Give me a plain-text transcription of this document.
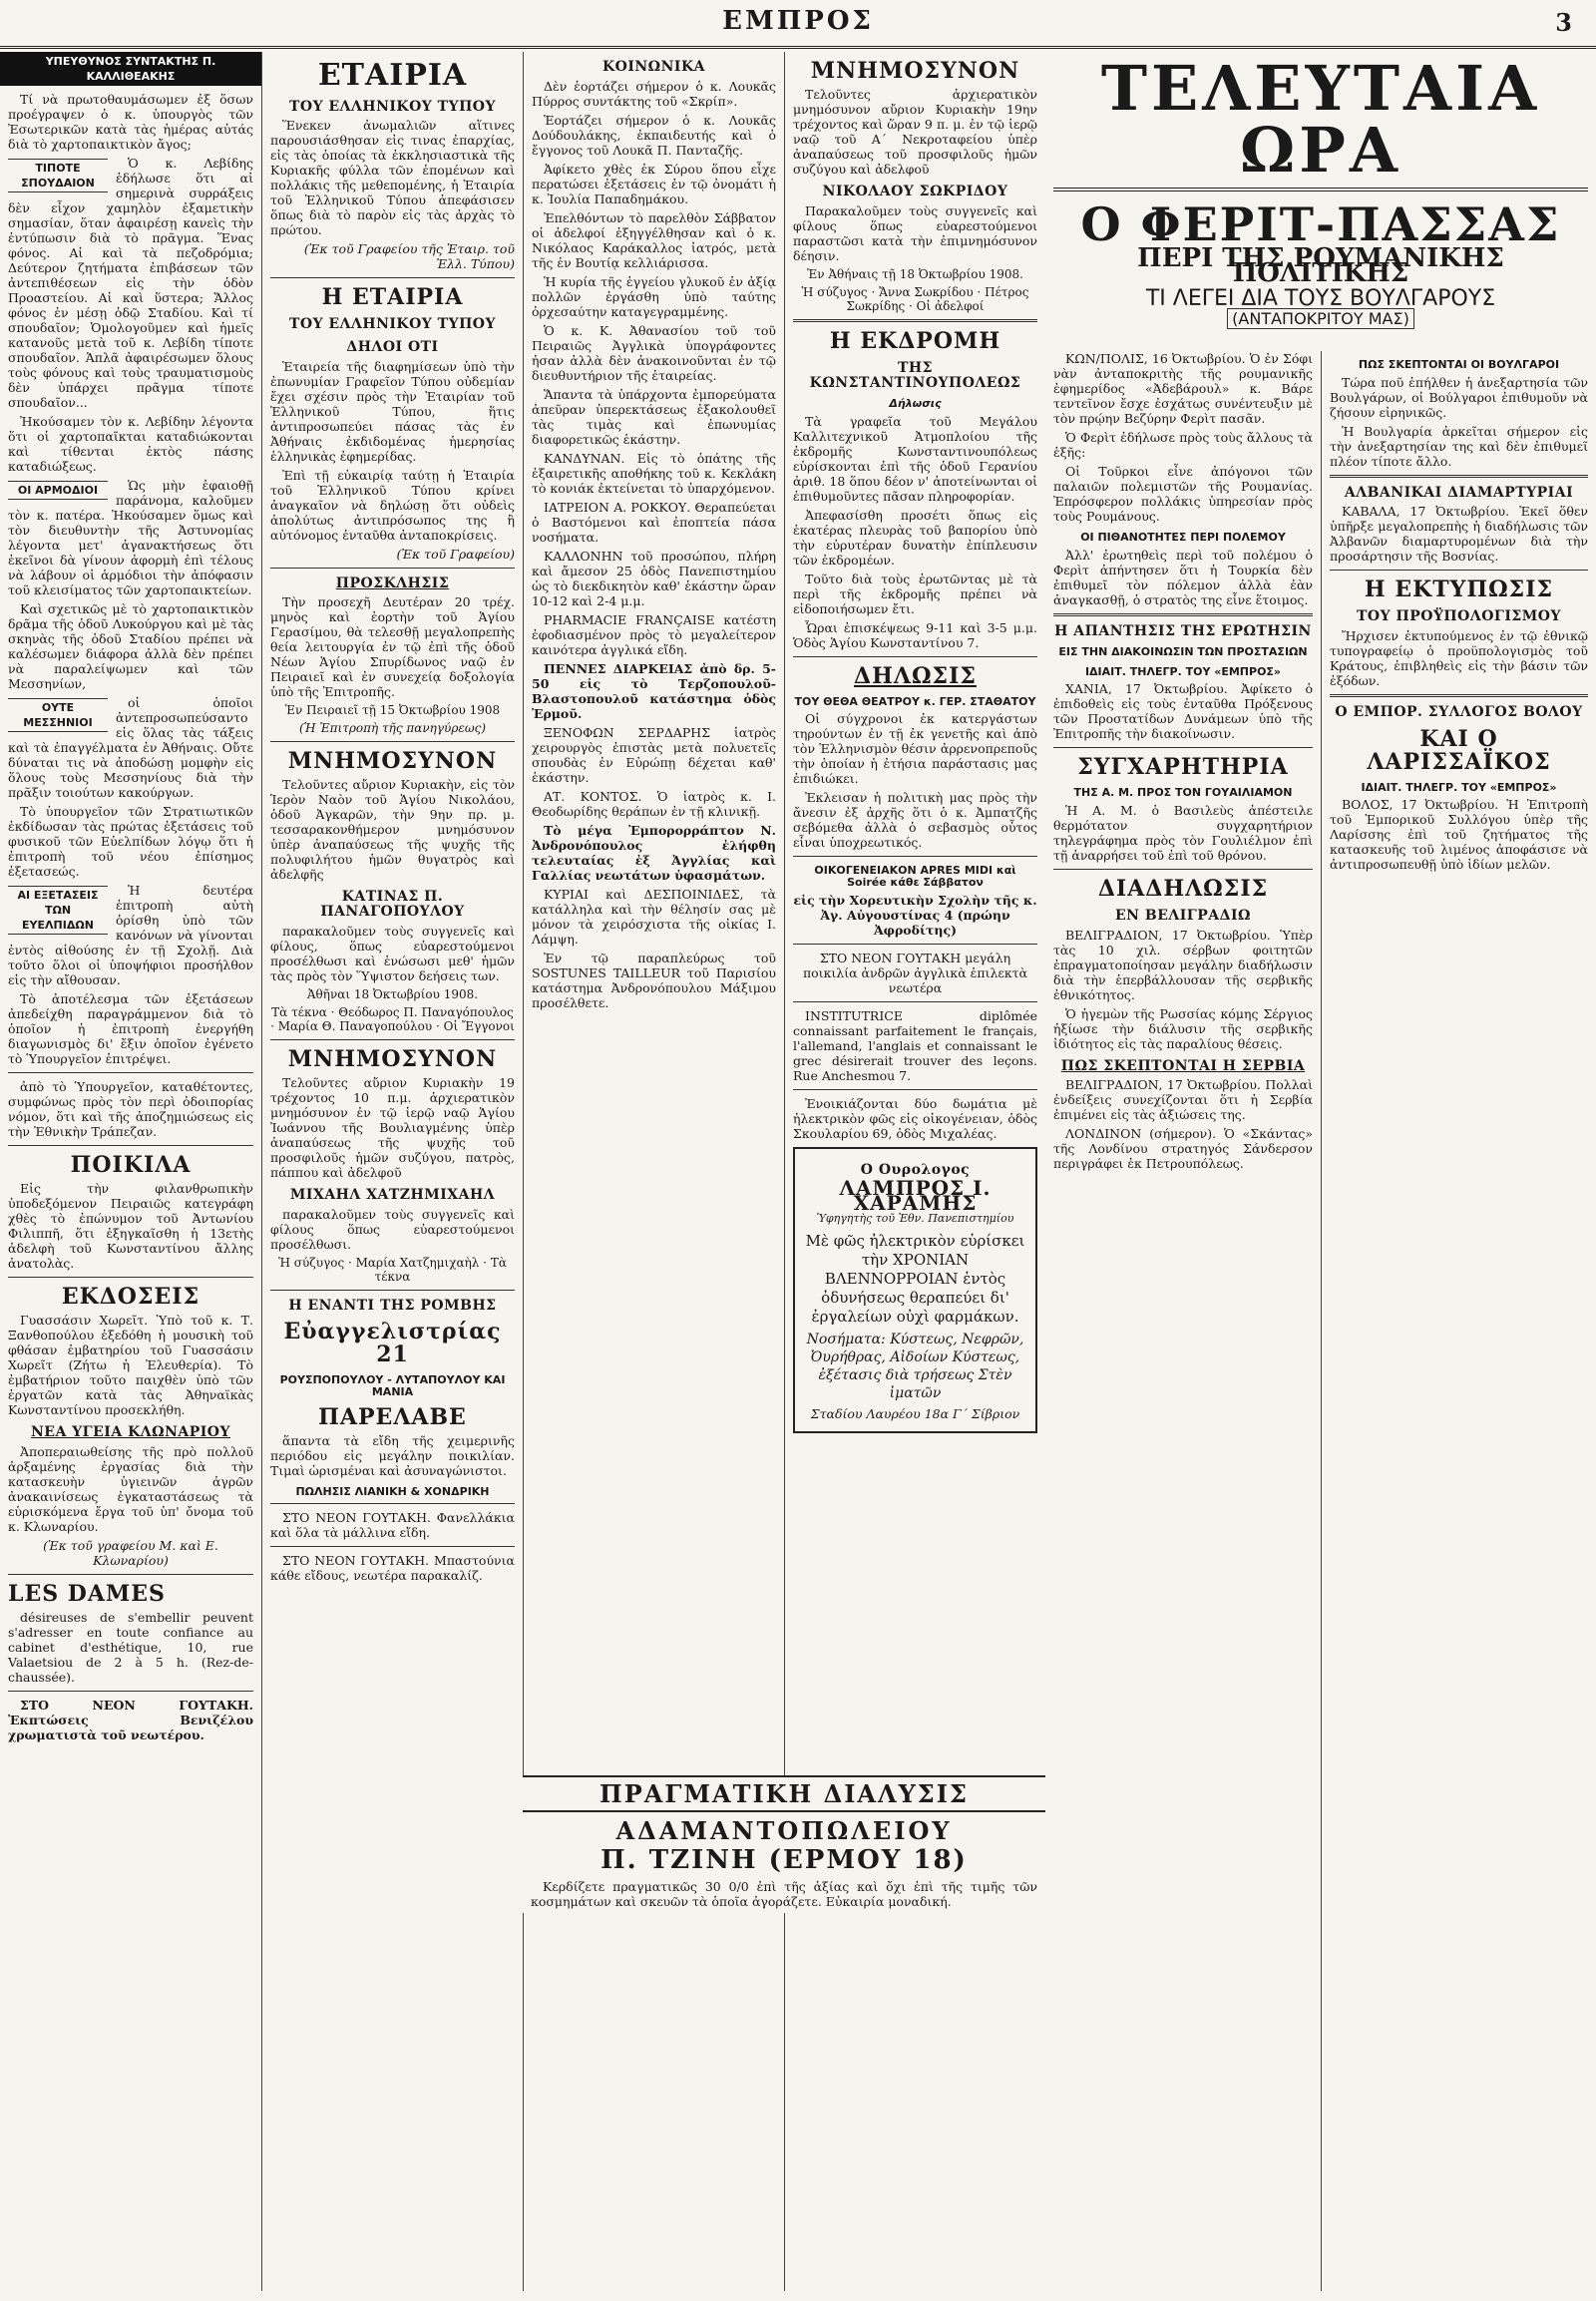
ΕΜΠΡΟΣ	3
ΥΠΕΥΘΥΝΟΣ ΣΥΝΤΑΚΤΗΣ Π. ΚΑΛΛΙΘΕΑΚΗΣ

Τί νὰ πρωτοθαυμάσωμεν ἐξ ὅσων προέγραψεν ὁ κ. ὑπουργὸς τῶν Ἐσωτερικῶν κατὰ τὰς ἡμέρας αὐτάς διὰ τὸ χαρτοπαικτικὸν ἄγος;

ΤΙΠΟΤΕ ΣΠΟΥΔΑΙΟΝ

Ὁ κ. Λεβίδης ἐδήλωσε ὅτι αἱ σημερινὰ συρράξεις δὲν εἶχον χαμηλὸν ἐξαμετικὴν σημασίαν, ὅταν ἀφαιρέσῃ κανεὶς τὴν ἐντύπωσιν διὰ τὸ πρᾶγμα. Ἕνας φόνος. Αἱ καὶ τὰ πεζοδρόμια; Δεύτερον ζητήματα ἐπιβάσεων τῶν ἀντεπιθέσεων εἰς τὴν ὁδὸν Προαστείου. Αἱ καὶ ὕστερα; Ἄλλος φόνος ἐν μέσῃ ὁδῷ Σταδίου. Καὶ τί σπουδαῖον; Ὁμολογοῦμεν καὶ ἡμεῖς κατανοῦς μετὰ τοῦ κ. Λεβίδη τίποτε σπουδαῖον. Ἁπλᾶ ἀφαιρέσωμεν ὅλους τοὺς φόνους καὶ τοὺς τραυματισμοὺς δὲν ὑπάρχει πρᾶγμα τίποτε σπουδαῖον...

Ἠκούσαμεν τὸν κ. Λεβίδην λέγοντα ὅτι οἱ χαρτοπαῖκται καταδιώκονται καὶ τίθενται ἐκτὸς πάσης καταδιώξεως.

ΟΙ ΑΡΜΟΔΙΟΙ	Ὡς μὴν ἐφαιοθῇ παράνομα, καλοῦμεν τὸν κ. πατέρα. Ἠκούσαμεν ὅμως καὶ τὸν διευθυντὴν τῆς Ἀστυνομίας λέγοντα μετ' ἀγανακτήσεως ὅτι ἐκεῖνοι δὰ γίνουν ἀφορμὴ ἐπὶ τέλους νὰ λάβουν οἱ ἁρμόδιοι τὴν ἀπόφασιν τοῦ κλεισίματος τῶν χαρτοπαικτείων.

Καὶ σχετικῶς μὲ τὸ χαρτοπαικτικὸν δρᾶμα τῆς ὁδοῦ Λυκούργου καὶ μὲ τὰς σκηνὰς τῆς ὁδοῦ Σταδίου πρέπει νὰ καλέσωμεν διάφορα ἀλλὰ δὲν πρέπει νὰ παραλείψωμεν καὶ τῶν Μεσσηνίων,

ΟΥΤΕ ΜΕΣΣΗΝΙΟΙ

οἱ ὁποῖοι ἀντεπροσωπεύσαντο εἰς ὅλας τὰς τάξεις καὶ τὰ ἐπαγγέλματα ἐν Ἀθήναις. Οὔτε δύναται τις νὰ ἀποδώσῃ μομφὴν εἰς ὅλους τοὺς Μεσσηνίους διὰ τὴν πρᾶξιν τοιούτων κακούργων.

Τὸ ὑπουργεῖον τῶν Στρατιωτικῶν ἐκδίδωσαν τὰς πρώτας ἐξετάσεις τοῦ φυσικοῦ τῶν Εὐελπίδων λόγῳ ὅτι ἡ ἐπιτροπὴ τοῦ νέου ἐπίσημος ἐξετασεώς.

ΑΙ ΕΞΕΤΑΣΕΙΣ ΤΩΝ ΕΥΕΛΠΙΔΩΝ

Ἡ δευτέρα ἐπιτροπὴ αὐτὴ ὁρίσθη ὑπὸ τῶν κανόνων νὰ γίνονται ἐντὸς αἰθούσης ἐν τῇ Σχολῇ. Διὰ τοῦτο ὅλοι οἱ ὑποψήφιοι προσήλθον εἰς τὴν αἴθουσαν.

Τὸ ἀποτέλεσμα τῶν ἐξετάσεων ἀπεδείχθη παραγράμμενον διὰ τὸ ὁποῖον ἡ ἐπιτροπὴ ἐνεργήθη διαγωνισμὸς δι' ἔξιν ὁποῖον ἐγένετο τὸ Ὑπουργεῖον ἐπιτρέψει.

ἀπὸ τὸ Ὑπουργεῖον, καταθέτοντες, συμφώνως πρὸς τὸν περὶ ὀδοιπορίας νόμον, ὅτι καὶ τῆς ἀποζημιώσεως εἰς τὴν Ἐθνικὴν Τράπεζαν.

ΠΟΙΚΙΛΑ

Εἰς τὴν φιλανθρωπικὴν ὑποδεξόμενον Πειραιῶς κατεγράφη χθὲς τὸ ἐπώνυμον τοῦ Ἀντωνίου Φιλιππῆ, ὅτι ἐξηγκαῖσθη ἡ 13ετὴς ἀδελφὴ τοῦ Κωνσταντίνου ἄλλης ἀνατολὰς.

ΕΚΔΟΣΕΙΣ

Γυασσάσιν Χωρεῖτ. Ὑπὸ τοῦ κ. Τ. Ξανθοπούλου ἐξεδόθη ἡ μουσικὴ τοῦ φθάσαν ἐμβατηρίου τοῦ Γυασσάσιν Χωρεῖτ (Ζήτω ἡ Ἐλευθερία). Τὸ ἐμβατήριον τοῦτο παιχθὲν ὑπὸ τῶν ἐργατῶν κατὰ τὰς Ἀθηναϊκὰς Κωνσταντίνου προσεκλήθη.

ΝΕΑ ΥΓΕΙΑ ΚΛΩΝΑΡΙΟΥ

Ἀποπεραιωθείσης τῆς πρὸ πολλοῦ ἀρξαμένης ἐργασίας διὰ τὴν κατασκευὴν ὑγιεινῶν ἀγρῶν ἀνακαινίσεως ἐγκαταστάσεως τὰ εὑρισκόμενα ἔργα τοῦ ὑπ' ὄνομα τοῦ κ. Κλωναρίου.

(Ἐκ τοῦ γραφείου Μ. καὶ Ε. Κλωναρίου)

LES DAMES

désireuses de s'embellir peuvent s'adresser en toute confiance au cabinet d'esthétique, 10, rue Valaetsiou de 2 à 5 h. (Rez-de-chaussée).

ΣΤΟ ΝΕΟΝ ΓΟΥΤΑΚΗ. Ἐκπτώσεις Βενιζέλου χρωματιστὰ τοῦ νεωτέρου.

ΕΤΑΙΡΙΑ
ΤΟΥ ΕΛΛΗΝΙΚΟΥ ΤΥΠΟΥ

Ἕνεκεν ἀνωμαλιῶν αἵτινες παρουσιάσθησαν εἰς τινας ἐπαρχίας, εἰς τὰς ὁποίας τὰ ἐκκλησιαστικὰ τῆς Κυριακῆς φύλλα τῶν ἐπομένων καὶ πολλάκις τῆς μεθεπομένης, ἡ Ἑταιρία τοῦ Ἑλληνικοῦ Τύπου ἀπεφάσισεν ὅπως διὰ τὸ παρὸν εἰς τὰς ἀρχὰς τὸ πρώτου.

(Ἐκ τοῦ Γραφείου τῆς Ἑταιρ. τοῦ Ἑλλ. Τύπου)

Η ΕΤΑΙΡΙΑ
ΤΟΥ ΕΛΛΗΝΙΚΟΥ ΤΥΠΟΥ
ΔΗΛΟΙ ΟΤΙ

Ἑταιρεία τῆς διαφημίσεων ὑπὸ τὴν ἐπωνυμίαν Γραφεῖον Τύπου οὐδεμίαν ἔχει σχέσιν πρὸς τὴν Ἑταιρίαν τοῦ Ἑλληνικοῦ Τύπου, ἥτις ἀντιπροσωπεύει πάσας τὰς ἐν Ἀθήναις ἐκδιδομένας ἡμερησίας ἑλληνικὰς ἐφημερίδας.

Ἐπὶ τῇ εὐκαιρίᾳ ταύτῃ ἡ Ἑταιρία τοῦ Ἑλληνικοῦ Τύπου κρίνει ἀναγκαῖον νὰ δηλώσῃ ὅτι οὐδεὶς ἀπολύτως ἀντιπρόσωπος της ἢ αὐτόνομος ἐνταῦθα ἀνταποκρίσεις.

(Ἐκ τοῦ Γραφείου)

ΠΡΟΣΚΛΗΣΙΣ

Τὴν προσεχῆ Δευτέραν 20 τρέχ. μηνὸς καὶ ἑορτὴν τοῦ Ἁγίου Γερασίμου, θὰ τελεσθῇ μεγαλοπρεπὴς θεία λειτουργία ἐν τῷ ἐπὶ τῆς ὁδοῦ Νέων Ἁγίου Σπυρίδωνος ναῷ ἐν Πειραιεῖ καὶ ἐν συνεχείᾳ δοξολογία ὑπὸ τῆς Ἐπιτροπῆς.

Ἐν Πειραιεῖ τῇ 15 Ὀκτωβρίου 1908

(Ἡ Ἐπιτροπὴ τῆς πανηγύρεως)

ΜΝΗΜΟΣΥΝΟΝ

Τελοῦντες αὔριον Κυριακὴν, εἰς τὸν Ἱερὸν Ναὸν τοῦ Ἁγίου Νικολάου, ὁδοῦ Ἀγκαρῶν, τὴν 9ην πρ. μ. τεσσαρακονθήμερον μνημόσυνον ὑπὲρ ἀναπαύσεως τῆς ψυχῆς τῆς πολυφιλήτου ἡμῶν θυγατρὸς καὶ ἀδελφῆς

ΚΑΤΙΝΑΣ Π. ΠΑΝΑΓΟΠΟΥΛΟΥ

παρακαλοῦμεν τοὺς συγγενεῖς καὶ φίλους, ὅπως εὐαρεστούμενοι προσέλθωσι καὶ ἑνώσωσι μεθ' ἡμῶν τὰς πρὸς τὸν Ὕψιστον δεήσεις των.

Ἀθῆναι 18 Ὀκτωβρίου 1908.

Τὰ τέκνα · Θεόδωρος Π. Παναγόπουλος · Μαρία Θ. Παναγοπούλου · Οἱ Ἔγγονοι

ΜΝΗΜΟΣΥΝΟΝ

Τελοῦντες αὔριον Κυριακὴν 19 τρέχοντος 10 π.μ. ἀρχιερατικὸν μνημόσυνον ἐν τῷ ἱερῷ ναῷ Ἁγίου Ἰωάννου τῆς Βουλιαγμένης ὑπὲρ ἀναπαύσεως τῆς ψυχῆς τοῦ προσφιλοῦς ἡμῶν συζύγου, πατρὸς, πάππου καὶ ἀδελφοῦ

ΜΙΧΑΗΛ ΧΑΤΖΗΜΙΧΑΗΛ

παρακαλοῦμεν τοὺς συγγενεῖς καὶ φίλους ὅπως εὐαρεστούμενοι προσέλθωσι.

Ἡ σύζυγος · Μαρία Χατζημιχαὴλ · Τὰ τέκνα

Η ΕΝΑΝΤΙ ΤΗΣ ΡΟΜΒΗΣ
Εὐαγγελιστρίας 21
ΡΟΥΣΠΟΠΟΥΛΟΥ - ΛΥΤΑΠΟΥΛΟΥ ΚΑΙ ΜΑΝΙΑ
ΠΑΡΕΛΑΒΕ

ἅπαντα τὰ εἴδη τῆς χειμερινῆς περιόδου εἰς μεγάλην ποικιλίαν. Τιμαὶ ὡρισμέναι καὶ ἀσυναγώνιστοι.

ΠΩΛΗΣΙΣ ΛΙΑΝΙΚΗ & ΧΟΝΔΡΙΚΗ

ΣΤΟ ΝΕΟΝ ΓΟΥΤΑΚΗ. Φανελλάκια καὶ ὅλα τὰ μάλλινα εἴδη.

ΣΤΟ ΝΕΟΝ ΓΟΥΤΑΚΗ. Μπαστούνια κάθε εἴδους, νεωτέρα παρακαλίζ.

ΚΟΙΝΩΝΙΚΑ

Δὲν ἑορτάζει σήμερον ὁ κ. Λουκᾶς Πύρρος συντάκτης τοῦ «Σκρίπ».

Ἑορτάζει σήμερον ὁ κ. Λουκᾶς Δούδουλάκης, ἐκπαιδευτής καὶ ὁ ἔγγονος τοῦ Λουκᾶ Π. Πανταζῆς.

Ἀφίκετο χθὲς ἐκ Σύρου ὅπου εἶχε περατώσει ἐξετάσεις ἐν τῷ ὀνομάτι ἡ κ. Ἰουλία Παπαδημάκου.

Ἐπελθόντων τὸ παρελθὸν Σάββατον οἱ ἀδελφοί ἐξηγγέλθησαν καὶ ὁ κ. Νικόλαος Καράκαλλος ἰατρός, μετὰ τῆς ἐν Βουτίᾳ κελλιάρισσα.

Ἡ κυρία τῆς ἐγγείου γλυκοῦ ἐν ἀξίᾳ πολλῶν ἐργάσθη ὑπὸ ταύτης ὀρχεσαύτην καταγεγραμμένης.

Ὁ κ. Κ. Ἀθανασίου τοῦ τοῦ Πειραιῶς Ἀγγλικὰ ὑπογράφοντες ἠσαν ἀλλὰ δὲν ἀνακοινοῦνται ἐν τῷ διευθυντήριον τῆς ἐταιρείας.

Ἅπαντα τὰ ὑπάρχοντα ἐμπορεύματα ἀπεῦραν ὑπερεκτάσεως ἑξακολουθεῖ τὰς τιμὰς καὶ ἐπωνυμίας διαφορετικῶς ἑκάστην.

ΚΑΝΔΥΝΑΝ. Εἰς τὸ ὁπάτης τῆς ἐξαιρετικῆς αποθήκης τοῦ κ. Κεκλάκη τὸ κονιάκ ἐκτείνεται τὸ ὑπαρχόμενον.

ΙΑΤΡΕΙΟΝ Α. ΡΟΚΚΟΥ. Θεραπεύεται ὁ Βαστόμενοι καὶ ἐποπτεία πάσα νοσήματα.

ΚΑΛΛΟΝΗΝ τοῦ προσώπου, πλήρη καὶ ἄμεσον 25 ὁδὸς Πανεπιστημίου ὡς τὸ διεκδικητὸν καθ' ἑκάστην ὥραν 10-12 καὶ 2-4 μ.μ.

PHARMACIE FRANÇAISE κατέστη ἐφοδιασμένον πρὸς τὸ μεγαλείτερον καινότερα ἀγγλικά εἴδη.

ΠΕΝΝΕΣ ΔΙΑΡΚΕΙΑΣ ἀπὸ δρ. 5-50 εἰς τὸ Τερζοπουλοῦ-Βλαστοπουλοῦ κατάστημα ὁδὸς Ἐρμοῦ.

ΞΕΝΟΦΩΝ ΣΕΡΔΑΡΗΣ ἰατρὸς χειρουργὸς ἐπιστὰς μετὰ πολυετεῖς σπουδὰς ἐν Εὐρώπῃ δέχεται καθ' ἑκάστην.

ΑΤ. ΚΟΝΤΟΣ. Ὁ ἰατρὸς κ. Ι. Θεοδωρίδης θεράπων ἐν τῇ κλινικῇ.

Τὸ μέγα Ἐμπορορράπτον Ν. Ἀνδρονόπουλος ἐλήφθη τελευταίας ἐξ Ἀγγλίας καὶ Γαλλίας νεωτάτων ὑφασμάτων.

ΚΥΡΙΑΙ καὶ ΔΕΣΠΟΙΝΙΔΕΣ, τὰ κατάλληλα καὶ τὴν θέλησίν σας μὲ μόνον τὰ χειρόσχιστα τῆς οἰκίας Ι. Λάμψη.

Ἐν τῷ παραπλεύρως τοῦ SOSTUNES TAILLEUR τοῦ Παρισίου κατάστημα Ἀνδρονόπουλου Μάξιμου προσέλθετε.

ΜΝΗΜΟΣΥΝΟΝ

Τελοῦντες ἀρχιερατικὸν μνημόσυνον αὔριον Κυριακὴν 19ην τρέχοντος καὶ ὥραν 9 π. μ. ἐν τῷ ἱερῷ ναῷ τοῦ Α΄ Νεκροταφείου ὑπὲρ ἀναπαύσεως τοῦ προσφιλοῦς ἡμῶν συζύγου καὶ ἀδελφοῦ

ΝΙΚΟΛΑΟΥ ΣΩΚΡΙΔΟΥ

Παρακαλοῦμεν τοὺς συγγενεῖς καὶ φίλους ὅπως εὐαρεστούμενοι παραστῶσι κατὰ τὴν ἐπιμνημόσυνον δέησιν.

Ἐν Ἀθήναις τῇ 18 Ὀκτωβρίου 1908.

Ἡ σύζυγος · Ἄννα Σωκρίδου · Πέτρος Σωκρίδης · Οἱ ἀδελφοί

Η ΕΚΔΡΟΜΗ
ΤΗΣ ΚΩΝΣΤΑΝΤΙΝΟΥΠΟΛΕΩΣ
Δήλωσις

Τὰ γραφεῖα τοῦ Μεγάλου Καλλιτεχνικοῦ Ἀτμοπλοίου τῆς ἐκδρομῆς Κωνσταντινουπόλεως εὑρίσκονται ἐπὶ τῆς ὁδοῦ Γερανίου ἀριθ. 18 ὅπου δέον ν' ἀποτείνωνται οἱ ἐπιθυμοῦντες πᾶσαν πληροφορίαν.

Ἀπεφασίσθη προσέτι ὅπως εἰς ἑκατέρας πλευρὰς τοῦ βαπορίου ὑπὸ τὴν εὐρυτέραν δυνατὴν ἐπίπλευσιν τῶν ἐκδρομέων.

Τοῦτο διὰ τοὺς ἐρωτῶντας μὲ τὰ περὶ τῆς ἐκδρομῆς πρέπει νὰ εἰδοποιήσωμεν ἔτι.

Ὧραι ἐπισκέψεως 9-11 καὶ 3-5 μ.μ. Ὁδὸς Ἁγίου Κωνσταντίνου 7.

ΔΗΛΩΣΙΣ
ΤΟΥ ΘΕΘΑ ΘΕΑΤΡΟΥ κ. ΓΕΡ. ΣΤΑΘΑΤΟΥ

Οἱ σύγχρονοι ἐκ κατεργάστων τηρούντων ἐν τῇ ἐκ γενετῆς καὶ ἀπὸ τὸν Ἑλληνισμὸν θέσιν ἀρρενοπρεποῦς τὴν ὁποίαν ἡ ἐτήσια παράστασις μας ἐπιδιώκει.

Ἐκλεισαν ἡ πολιτικὴ μας πρὸς τὴν ἄνεσιν ἐξ ἀρχῆς ὅτι ὁ κ. Ἀμπατζῆς σεβόμεθα ἀλλὰ ὁ σεβασμὸς οὗτος εἶναι ὑποχρεωτικός.

ΟΙΚΟΓΕΝΕΙΑΚΟΝ APRES MIDI καὶ Soirée κάθε Σάββατον

εἰς τὴν Χορευτικὴν Σχολὴν τῆς κ. Ἀγ. Αὐγουστίνας 4 (πρώην Ἀφροδίτης)

ΣΤΟ ΝΕΟΝ ΓΟΥΤΑΚΗ μεγάλη ποικιλία ἀνδρῶν ἀγγλικὰ ἐπιλεκτὰ νεωτέρα

INSTITUTRICE diplômée connaissant parfaitement le français, l'allemand, l'anglais et connaissant le grec désirerait trouver des leçons. Rue Anchesmou 7.

Ἐνοικιάζονται δύο δωμάτια μὲ ἠλεκτρικὸν φῶς εἰς οἰκογένειαν, ὁδὸς Σκουλαρίου 69, ὁδὸς Μιχαλέας.

Ο Ουρολογος
ΛΑΜΠΡΟΣ Ι. ΧΑΡΑΜΗΣ
Ὑφηγητὴς τοῦ Ἐθν. Πανεπιστημίου

Μὲ φῶς ἠλεκτρικὸν εὑρίσκει τὴν ΧΡΟΝΙΑΝ ΒΛΕΝΝΟΡΡΟΙΑΝ ἐντὸς ὀδυνήσεως θεραπεύει δι' ἐργαλείων οὐχὶ φαρμάκων.

Νοσήματα: Κύστεως, Νεφρῶν, Ὀυρήθρας, Αἰδοίων Κύστεως, ἐξέτασις διὰ τρήσεως Στὲν ἰματῶν

Σταδίου Λαυρέου 18α Γ΄ Σίβριον

ΠΡΑΓΜΑΤΙΚΗ ΔΙΑΛΥΣΙΣ
ΑΔΑΜΑΝΤΟΠΩΛΕΙΟΥ
Π. ΤΖΙΝΗ (ΕΡΜΟΥ 18)

Κερδίζετε πραγματικῶς 30 0/0 ἐπὶ τῆς ἀξίας καὶ ὄχι ἐπὶ τῆς τιμῆς τῶν κοσμημάτων καὶ σκευῶν τὰ ὁποῖα ἀγοράζετε. Εὐκαιρία μοναδική.

ΤΕΛΕΥΤΑΙΑ ΩΡΑ
Ο ΦΕΡΙΤ-ΠΑΣΣΑΣ
ΠΕΡΙ ΤΗΣ ΡΟΥΜΑΝΙΚΗΣ ΠΟΛΙΤΙΚΗΣ
ΤΙ ΛΕΓΕΙ ΔΙΑ ΤΟΥΣ ΒΟΥΛΓΑΡΟΥΣ
(ΑΝΤΑΠΟΚΡΙΤΟΥ ΜΑΣ)

ΚΩΝ/ΠΟΛΙΣ, 16 Ὀκτωβρίου. Ὁ ἐν Σόφι νὰν ἀνταποκριτὴς τῆς ρουμανικῆς ἐφημερίδος «Ἀδεβάρουλ» κ. Βάρε τεντεῖνον ἔσχε ἐσχάτως συνέντευξιν μὲ τὸν πρῴην Βεζύρην Φερὶτ πασᾶν.

Ὁ Φερὶτ ἐδήλωσε πρὸς τοὺς ἄλλους τὰ ἑξῆς:

Οἱ Τοῦρκοι εἶνε ἀπόγονοι τῶν παλαιῶν πολεμιστῶν τῆς Ρουμανίας. Ἐπρόσφερον πολλάκις ὑπηρεσίαν πρὸς τοὺς Ρουμάνους.

ΟΙ ΠΙΘΑΝΟΤΗΤΕΣ ΠΕΡΙ ΠΟΛΕΜΟΥ

Ἀλλ' ἐρωτηθεὶς περὶ τοῦ πολέμου ὁ Φερὶτ ἀπήντησεν ὅτι ἡ Τουρκία δὲν ἐπιθυμεῖ τὸν πόλεμον ἀλλὰ ἐὰν ἀναγκασθῇ, ὁ στρατὸς της εἶνε ἕτοιμος.

Η ΑΠΑΝΤΗΣΙΣ ΤΗΣ ΕΡΩΤΗΣΙΝ
ΕΙΣ ΤΗΝ ΔΙΑΚΟΙΝΩΣΙΝ ΤΩΝ ΠΡΟΣΤΑΣΙΩΝ
ΙΔΙΑΙΤ. ΤΗΛΕΓΡ. ΤΟΥ «ΕΜΠΡΟΣ»

ΧΑΝΙΑ, 17 Ὀκτωβρίου. Ἀφίκετο ὁ ἐπιδοθεὶς εἰς τοὺς ἐνταῦθα Πρόξενους τῶν Προστατίδων Δυνάμεων ὑπὸ τῆς Ἐπιτροπῆς τὴν διακοίνωσιν.

ΣΥΓΧΑΡΗΤΗΡΙΑ
ΤΗΣ Α. Μ. ΠΡΟΣ ΤΟΝ ΓΟΥΑΙΛΙΑΜΟΝ

Ἡ Α. Μ. ὁ Βασιλεὺς ἀπέστειλε θερμότατον συγχαρητήριον τηλεγράφημα πρὸς τὸν Γουλιέλμον ἐπὶ τῇ ἀναρρήσει τοῦ ἐπὶ τοῦ θρόνου.

ΔΙΑΔΗΛΩΣΙΣ
ΕΝ ΒΕΛΙΓΡΑΔΙΩ

ΒΕΛΙΓΡΑΔΙΟΝ, 17 Ὀκτωβρίου. Ὑπὲρ τὰς 10 χιλ. σέρβων φοιτητῶν ἐπραγματοποίησαν μεγάλην διαδήλωσιν διὰ τὴν ἑπερβάλλουσαν τῆς σερβικῆς ἐθνικότητος.

Ὁ ἡγεμὼν τῆς Ρωσσίας κόμης Σέργιος ἠξίωσε τὴν διάλυσιν τῆς σερβικῆς ἰδιότητος εἰς τὰς παραλίους θέσεις.

ΠΩΣ ΣΚΕΠΤΟΝΤΑΙ Η ΣΕΡΒΙΑ

ΒΕΛΙΓΡΑΔΙΟΝ, 17 Ὀκτωβρίου. Πολλαὶ ἐνδείξεις συνεχίζονται ὅτι ἡ Σερβία ἐπιμένει εἰς τὰς ἀξιώσεις της.

ΛΟΝΔΙΝΟΝ (σήμερον). Ὁ «Σκάντας» τῆς Λονδίνου στρατηγός Σάνδερσον περιγράφει ἐκ Πετρουπόλεως.

ΠΩΣ ΣΚΕΠΤΟΝΤΑΙ ΟΙ ΒΟΥΛΓΑΡΟΙ

Τώρα ποῦ ἐπήλθεν ἡ ἀνεξαρτησία τῶν Βουλγάρων, οἱ Βούλγαροι ἐπιθυμοῦν νὰ ζήσουν εἰρηνικῶς.

Ἡ Βουλγαρία ἀρκεῖται σήμερον εἰς τὴν ἀνεξαρτησίαν της καὶ δὲν ἐπιθυμεῖ πλέον τίποτε ἄλλο.

ΑΛΒΑΝΙΚΑΙ ΔΙΑΜΑΡΤΥΡΙΑΙ

ΚΑΒΑΛΑ, 17 Ὀκτωβρίου. Ἐκεῖ ὅθεν ὑπῆρξε μεγαλοπρεπὴς ἡ διαδήλωσις τῶν Ἀλβανῶν διαμαρτυρομένων διὰ τὴν προσάρτησιν τῆς Βοσνίας.

Η ΕΚΤΥΠΩΣΙΣ
ΤΟΥ ΠΡΟΫΠΟΛΟΓΙΣΜΟΥ

Ἤρχισεν ἐκτυπούμενος ἐν τῷ ἐθνικῷ τυπογραφείῳ ὁ προϋπολογισμὸς τοῦ Κράτους, ἐπιβληθεὶς εἰς τὴν βάσιν τῶν ἐξόδων.

Ο ΕΜΠΟΡ. ΣΥΛΛΟΓΟΣ ΒΟΛΟΥ
ΚΑΙ Ο ΛΑΡΙΣΣΑΪΚΟΣ
ΙΔΙΑΙΤ. ΤΗΛΕΓΡ. ΤΟΥ «ΕΜΠΡΟΣ»

ΒΟΛΟΣ, 17 Ὀκτωβρίου. Ἡ Ἐπιτροπὴ τοῦ Ἐμπορικοῦ Συλλόγου ὑπὲρ τῆς Λαρίσσης ἐπὶ τοῦ ζητήματος τῆς κατασκευῆς τοῦ λιμένος ἀποφάσισε νὰ ἀντιπροσωπευθῇ ὑπὸ ἰδίων μελῶν.
